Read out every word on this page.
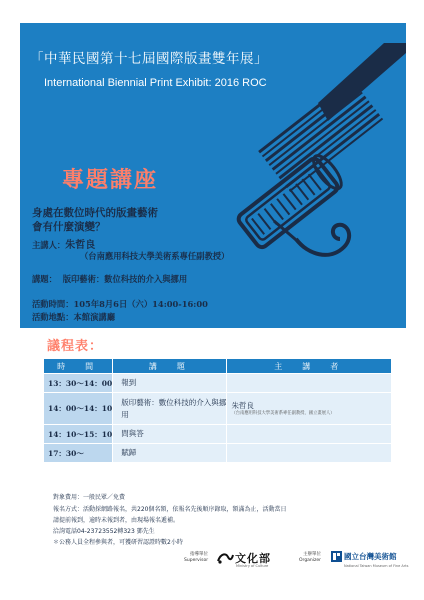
「中華民國第十七屆國際版畫雙年展」
International Biennial Print Exhibit: 2016 ROC
專題講座
身處在數位時代的版畫藝術
會有什麼演變？
主講人：朱哲良
（台南應用科技大學美術系專任副教授）
講題： 版印藝術：數位科技的介入與挪用
活動時間：105年8月6日（六）14:00-16:00
活動地點：本館演講廳
議程表：
時　間	講　題	主　講　者
13：30～14：00	報到	
14：00～14：10	版印藝術：數位科技的介入與挪用	朱哲良
（台南應用科技大學美術系專任副教授、國立畫展人）

14：10～15：10	問與答	
17：30～	賦歸	
對象費用：一般民眾／免費
報名方式：活動採網路報名，共220個名額，依報名先後順序錄取，額滿為止，活動當日
請提前報到，逾時未報到者，由現場報名遞補。
洽詢電話04-23723552轉323 鄧先生
＊公務人員全程參與者，可獲研習認證時數2小時
指導單位
Supervisor 文化部
Ministry of Culture
主辦單位
Organizer	國立台灣美術館
National Taiwan Museum of Fine Arts
